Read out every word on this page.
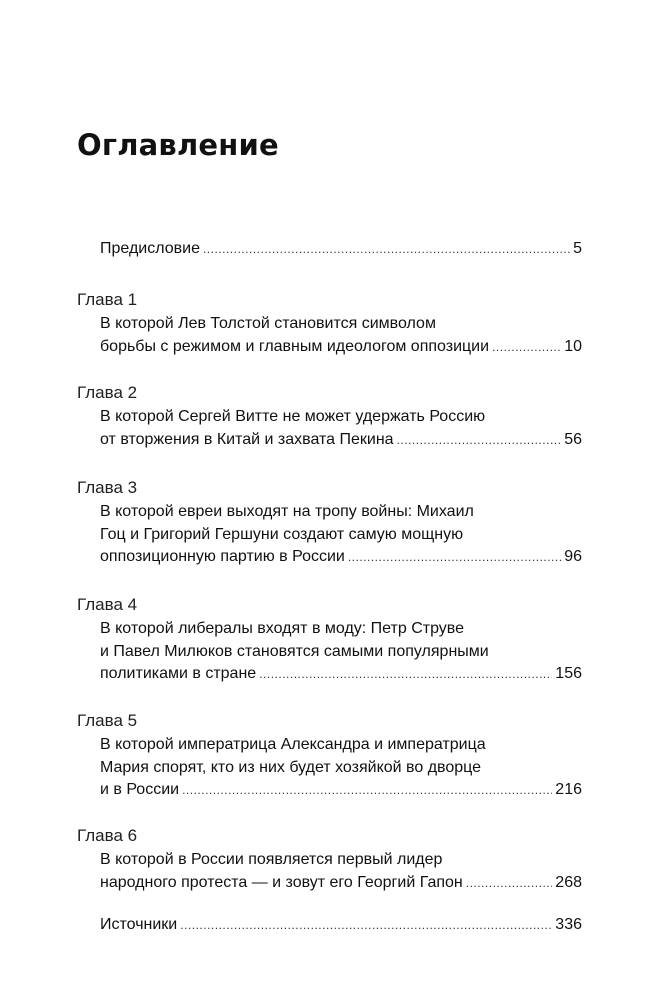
Оглавление
Предисловие .....	5
Глава 1
В которой Лев Толстой становится символом
борьбы с режимом и главным идеологом оппозиции .....	10
Глава 2
В которой Сергей Витте не может удержать Россию
от вторжения в Китай и захвата Пекина .....	56
Глава 3
В которой евреи выходят на тропу войны: Михаил
Гоц и Григорий Гершуни создают самую мощную
оппозиционную партию в России .....	96
Глава 4
В которой либералы входят в моду: Петр Струве
и Павел Милюков становятся самыми популярными
политиками в стране .....	156
Глава 5
В которой императрица Александра и императрица
Мария спорят, кто из них будет хозяйкой во дворце
и в России .....	216
Глава 6
В которой в России появляется первый лидер
народного протеста — и зовут его Георгий Гапон .....	268
Источники .....	336
